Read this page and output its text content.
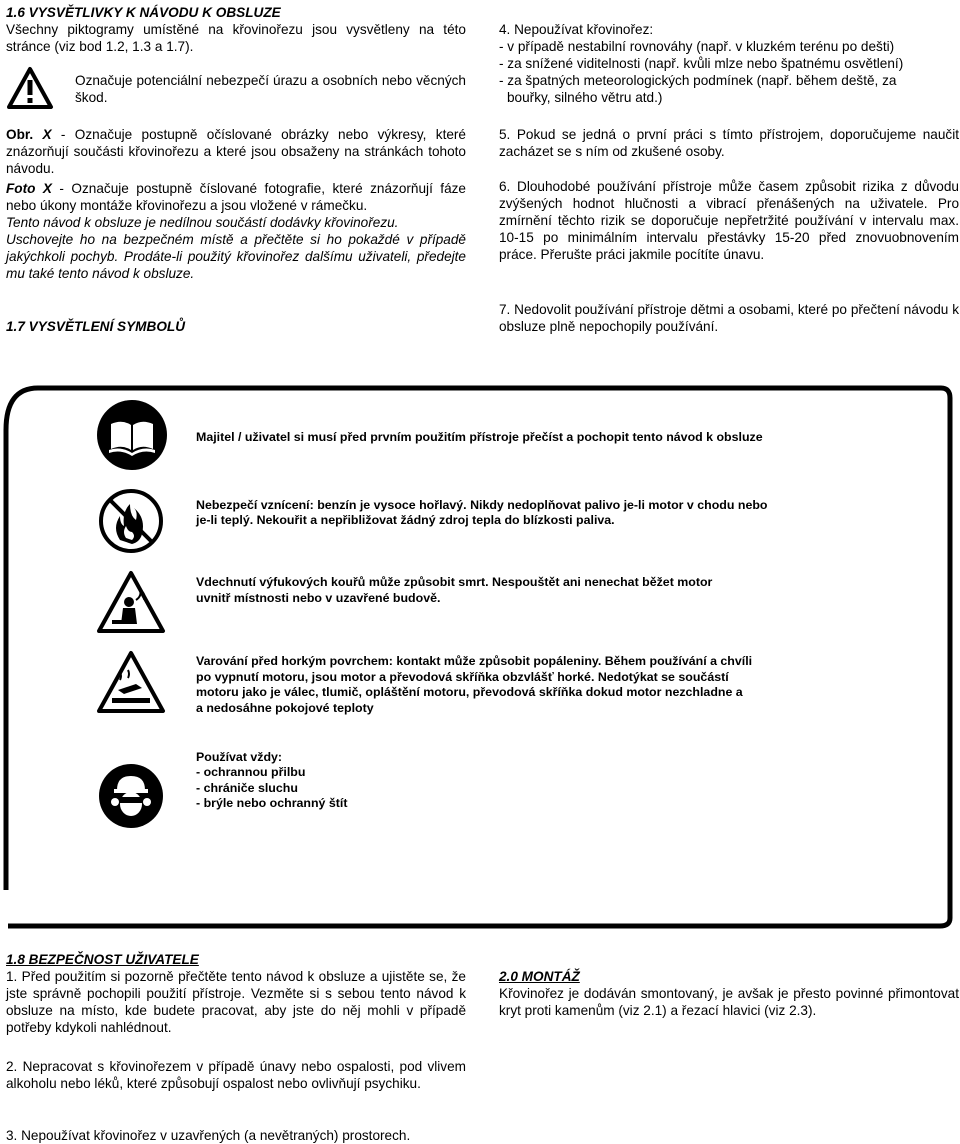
1.6 VYSVĚTLIVKY K NÁVODU K OBSLUZE

Všechny piktogramy umístěné na křovinořezu jsou vysvětleny na této stránce (viz bod 1.2, 1.3 a 1.7).

Označuje potenciální nebezpečí úrazu a osobních nebo věcných škod.

Obr. X - Označuje postupně očíslované obrázky nebo výkresy, které znázorňují součásti křovinořezu a které jsou obsaženy na stránkách tohoto návodu.

Foto X - Označuje postupně číslované fotografie, které znázorňují fáze nebo úkony montáže křovinořezu a jsou vložené v rámečku.

Tento návod k obsluze je nedílnou součástí dodávky křovinořezu.

Uschovejte ho na bezpečném místě a přečtěte si ho pokaždé v případě jakýchkoli pochyb. Prodáte-li použitý křovinořez dalšímu uživateli, předejte mu také tento návod k obsluze.

1.7 VYSVĚTLENÍ SYMBOLŮ
4. Nepoužívat křovinořez:
- v případě nestabilní rovnováhy (např. v kluzkém terénu po dešti)
- za snížené viditelnosti (např. kvůli mlze nebo špatnému osvětlení)
- za špatných meteorologických podmínek (např. během deště, za
bouřky, silného větru atd.)

5. Pokud se jedná o první práci s tímto přístrojem, doporučujeme naučit zacházet se s ním od zkušené osoby.

6. Dlouhodobé používání přístroje může časem způsobit rizika z důvodu zvýšených hodnot hlučnosti a vibrací přenášených na uživatele. Pro zmírnění těchto rizik se doporučuje nepřetržité používání v intervalu max. 10-15 po minimálním intervalu přestávky 15-20 před znovuobnovením práce. Přerušte práci jakmile pocítíte únavu.

7. Nedovolit používání přístroje dětmi a osobami, které po přečtení návodu k obsluze plně nepochopily používání.

Majitel / uživatel si musí před prvním použitím přístroje přečíst a pochopit tento návod k obsluze
Nebezpečí vznícení: benzín je vysoce hořlavý. Nikdy nedoplňovat palivo je-li motor v chodu nebo
je-li teplý. Nekouřit a nepřibližovat žádný zdroj tepla do blízkosti paliva.
Vdechnutí výfukových kouřů může způsobit smrt. Nespouštět ani nenechat běžet motor
uvnitř místnosti nebo v uzavřené budově.
Varování před horkým povrchem: kontakt může způsobit popáleniny. Během používání a chvíli
po vypnutí motoru, jsou motor a převodová skříňka obzvlášť horké. Nedotýkat se součástí
motoru jako je válec, tlumič, opláštění motoru, převodová skříňka dokud motor nezchladne a
a nedosáhne pokojové teploty
Používat vždy:
- ochrannou přilbu
- chrániče sluchu
- brýle nebo ochranný štít
1.8 BEZPEČNOST UŽIVATELE

1. Před použitím si pozorně přečtěte tento návod k obsluze a ujistěte se, že jste správně pochopili použití přístroje. Vezměte si s sebou tento návod k obsluze na místo, kde budete pracovat, aby jste do něj mohli v případě potřeby kdykoli nahlédnout.

2. Nepracovat s křovinořezem v případě únavy nebo ospalosti, pod vlivem alkoholu nebo léků, které způsobují ospalost nebo ovlivňují psychiku.

3. Nepoužívat křovinořez v uzavřených (a nevětraných) prostorech.

2.0 MONTÁŽ

Křovinořez je dodáván smontovaný, je avšak je přesto povinné přimontovat kryt proti kamenům (viz 2.1) a řezací hlavici (viz 2.3).
